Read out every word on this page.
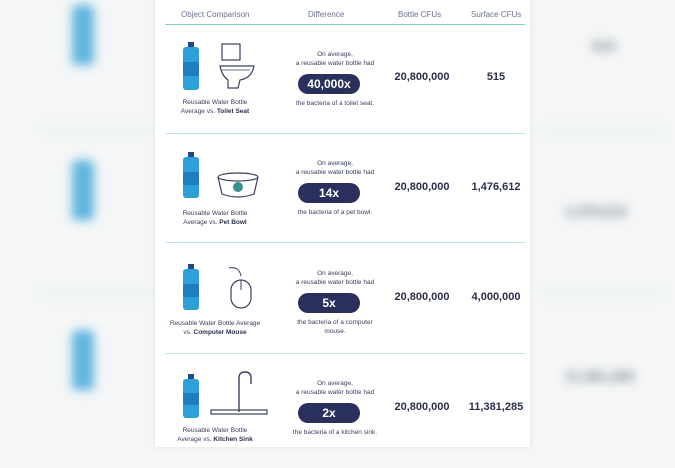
515
1,476,612
11,381,285
Object Comparison	Difference	Bottle CFUs	Surface CFUs
Reusable Water Bottle
Average vs. Toilet Seat
On average,
a reusable water bottle had
40,000x
the bacteria of a toilet seat.
20,800,000	515
Reusable Water Bottle
Average vs. Pet Bowl
On average,
a reusable water bottle had
14x
the bacteria of a pet bowl.
20,800,000	1,476,612
Reusable Water Bottle Average
vs. Computer Mouse
On average,
a reusable water bottle had
5x
the bacteria of a computer
mouse.
20,800,000	4,000,000
Reusable Water Bottle
Average vs. Kitchen Sink
On average,
a reusable water bottle had
2x
the bacteria of a kitchen sink.
20,800,000	11,381,285
